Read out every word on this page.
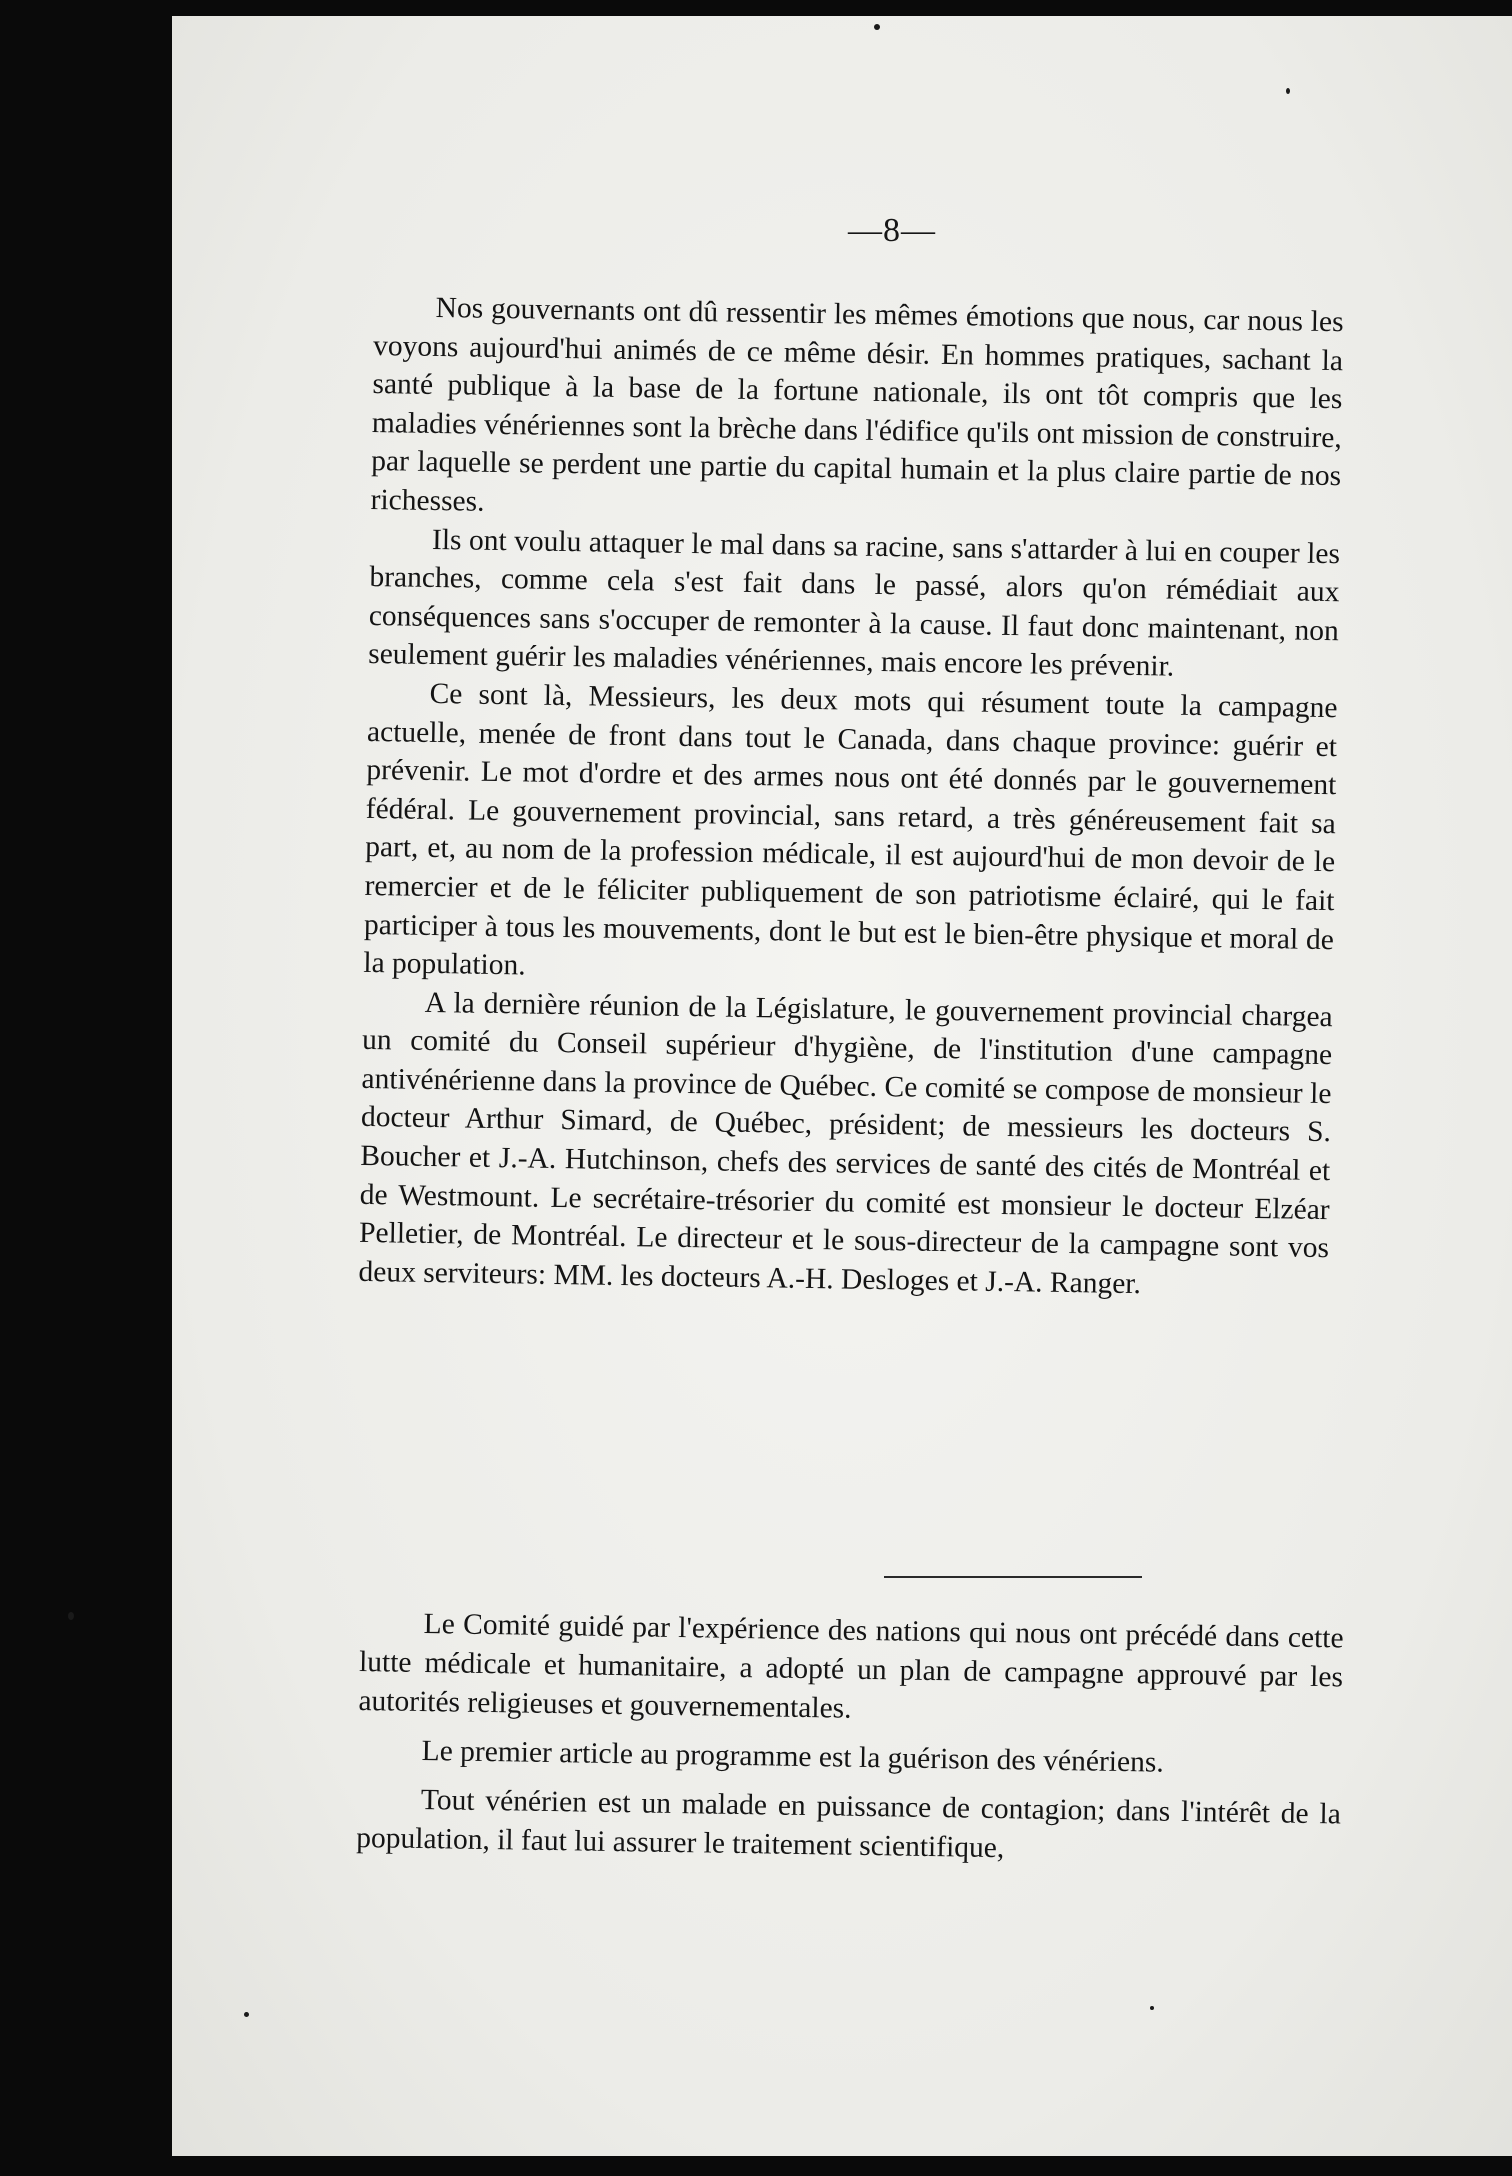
—8—

Nos gouvernants ont dû ressentir les mêmes émotions que nous, car nous les voyons aujourd'hui animés de ce même désir. En hommes pratiques, sachant la santé publique à la base de la fortune nationale, ils ont tôt compris que les maladies vénériennes sont la brèche dans l'édifice qu'ils ont mission de construire, par laquelle se perdent une partie du capital humain et la plus claire partie de nos richesses.

Ils ont voulu attaquer le mal dans sa racine, sans s'attarder à lui en couper les branches, comme cela s'est fait dans le passé, alors qu'on rémédiait aux conséquences sans s'occuper de remonter à la cause. Il faut donc maintenant, non seulement guérir les maladies vénériennes, mais encore les prévenir.

Ce sont là, Messieurs, les deux mots qui résument toute la campagne actuelle, menée de front dans tout le Canada, dans chaque province: guérir et prévenir. Le mot d'ordre et des armes nous ont été donnés par le gouvernement fédéral. Le gouvernement provincial, sans retard, a très généreusement fait sa part, et, au nom de la profession médicale, il est aujourd'hui de mon devoir de le remercier et de le féliciter publiquement de son patriotisme éclairé, qui le fait participer à tous les mouvements, dont le but est le bien-être physique et moral de la population.

A la dernière réunion de la Législature, le gouvernement provincial chargea un comité du Conseil supérieur d'hygiène, de l'institution d'une campagne antivénérienne dans la province de Québec. Ce comité se compose de monsieur le docteur Arthur Simard, de Québec, président; de messieurs les docteurs S. Boucher et J.-A. Hutchinson, chefs des services de santé des cités de Montréal et de Westmount. Le secrétaire-trésorier du comité est monsieur le docteur Elzéar Pelletier, de Montréal. Le directeur et le sous-directeur de la campagne sont vos deux serviteurs: MM. les docteurs A.-H. Desloges et J.-A. Ranger.

Le Comité guidé par l'expérience des nations qui nous ont précédé dans cette lutte médicale et humanitaire, a adopté un plan de campagne approuvé par les autorités religieuses et gouvernementales.

Le premier article au programme est la guérison des vénériens.

Tout vénérien est un malade en puissance de contagion; dans l'intérêt de la population, il faut lui assurer le traitement scientifique,
